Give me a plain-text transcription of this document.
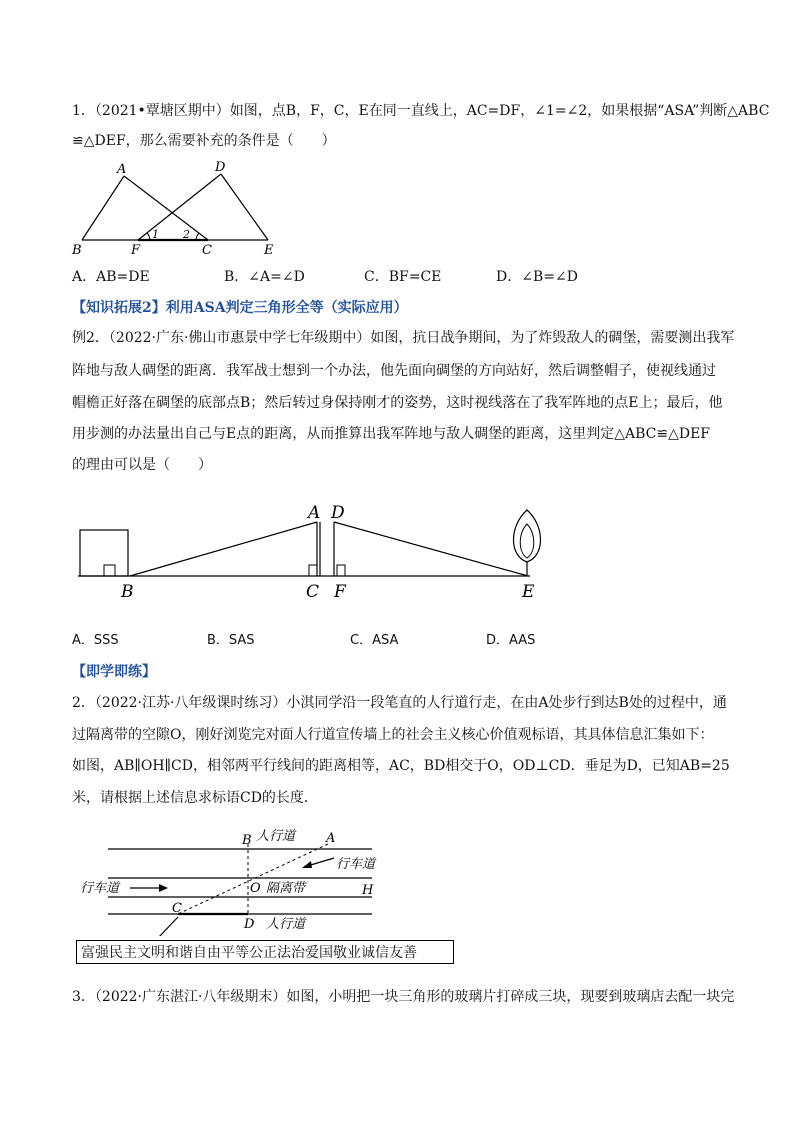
1．（2021•覃塘区期中）如图，点B，F，C，E在同一直线上，AC=DF，∠1=∠2，如果根据“ASA”判断△ABC
≌△DEF，那么需要补充的条件是（　　）
A	D
B	F	C	E
1 2
A．AB=DE	B．∠A=∠D	C．BF=CE	D．∠B=∠D
【知识拓展2】利用ASA判定三角形全等（实际应用）
例2．（2022·广东·佛山市惠景中学七年级期中）如图，抗日战争期间，为了炸毁敌人的碉堡，需要测出我军
阵地与敌人碉堡的距离．我军战士想到一个办法，他先面向碉堡的方向站好，然后调整帽子，使视线通过
帽檐正好落在碉堡的底部点B；然后转过身保持刚才的姿势，这时视线落在了我军阵地的点E上；最后，他
用步测的办法量出自己与E点的距离，从而推算出我军阵地与敌人碉堡的距离，这里判定△ABC≌△DEF
的理由可以是（　　）
A D
B	C F	E
A．SSS	B．SAS	C．ASA	D．AAS
【即学即练】
2．（2022·江苏·八年级课时练习）小淇同学沿一段笔直的人行道行走，在由A处步行到达B处的过程中，通
过隔离带的空隙O，刚好浏览完对面人行道宣传墙上的社会主义核心价值观标语，其具体信息汇集如下：
如图，AB∥OH∥CD，相邻两平行线间的距离相等，AC，BD相交于O，OD⊥CD．垂足为D，已知AB=25
米，请根据上述信息求标语CD的长度．
B	A
O	H
C
D
人行道
行车道
行车道	隔离带
人行道
富强民主文明和谐自由平等公正法治爱国敬业诚信友善
3．（2022·广东湛江·八年级期末）如图，小明把一块三角形的玻璃片打碎成三块，现要到玻璃店去配一块完
